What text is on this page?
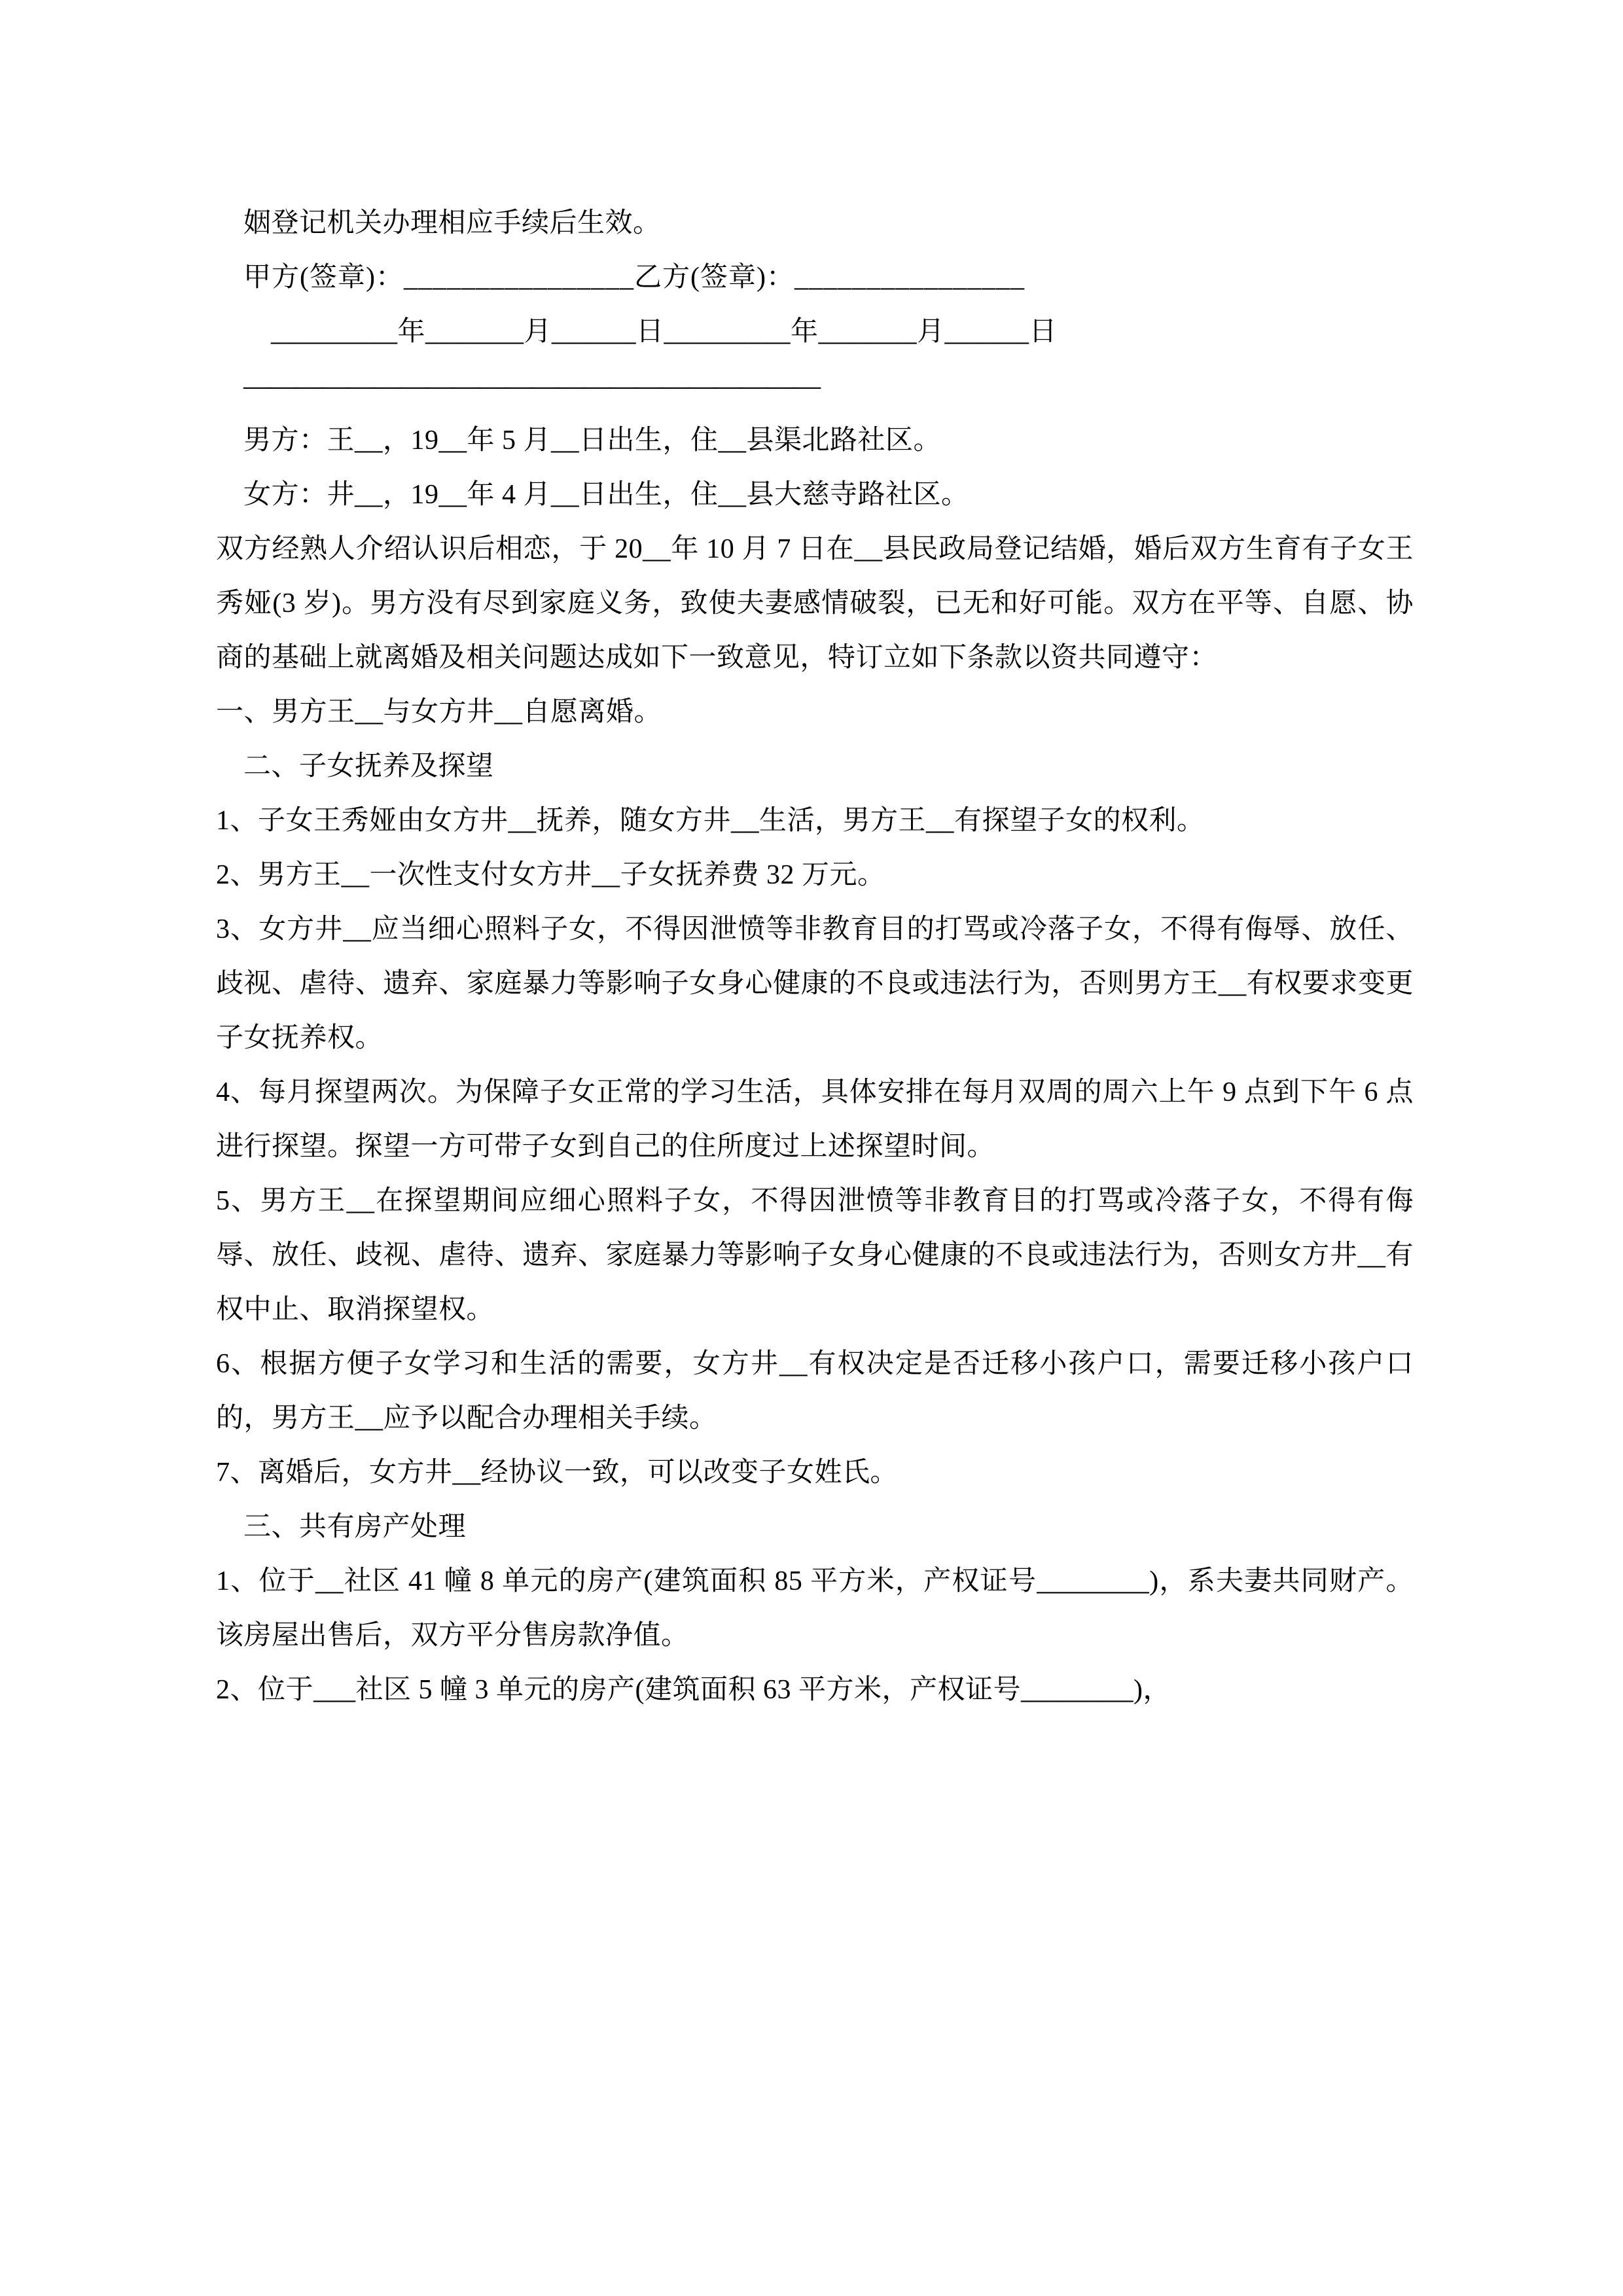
姻登记机关办理相应手续后生效。

甲方(签章)：________________乙方(签章)：________________

_________年_______月______日_________年_______月______日

——————————————————————

男方：王__，19__年 5 月__日出生，住__县渠北路社区。

女方：井__，19__年 4 月__日出生，住__县大慈寺路社区。

双方经熟人介绍认识后相恋，于 20__年 10 月 7 日在__县民政局登记结婚，婚后双方生育有子女王秀娅(3 岁)。男方没有尽到家庭义务，致使夫妻感情破裂，已无和好可能。双方在平等、自愿、协商的基础上就离婚及相关问题达成如下一致意见，特订立如下条款以资共同遵守：

一、男方王__与女方井__自愿离婚。

二、子女抚养及探望

1、子女王秀娅由女方井__抚养，随女方井__生活，男方王__有探望子女的权利。

2、男方王__一次性支付女方井__子女抚养费 32 万元。

3、女方井__应当细心照料子女，不得因泄愤等非教育目的打骂或冷落子女，不得有侮辱、放任、歧视、虐待、遗弃、家庭暴力等影响子女身心健康的不良或违法行为，否则男方王__有权要求变更子女抚养权。

4、每月探望两次。为保障子女正常的学习生活，具体安排在每月双周的周六上午 9 点到下午 6 点进行探望。探望一方可带子女到自己的住所度过上述探望时间。

5、男方王__在探望期间应细心照料子女，不得因泄愤等非教育目的打骂或冷落子女，不得有侮辱、放任、歧视、虐待、遗弃、家庭暴力等影响子女身心健康的不良或违法行为，否则女方井__有权中止、取消探望权。

6、根据方便子女学习和生活的需要，女方井__有权决定是否迁移小孩户口，需要迁移小孩户口的，男方王__应予以配合办理相关手续。

7、离婚后，女方井__经协议一致，可以改变子女姓氏。

三、共有房产处理

1、位于__社区 41 幢 8 单元的房产(建筑面积 85 平方米，产权证号________)，系夫妻共同财产。该房屋出售后，双方平分售房款净值。

2、位于___社区 5 幢 3 单元的房产(建筑面积 63 平方米，产权证号________)，
